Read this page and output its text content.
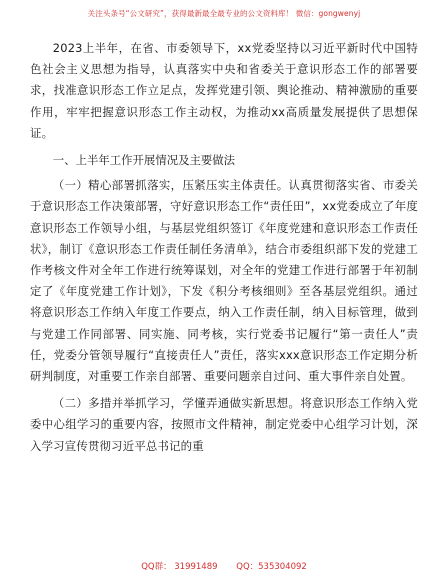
关注头条号“公文研究”，获得最新最全最专业的公文资料库！ 微信：gongwenyj

2023上半年，在省、市委领导下，xx党委坚持以习近平新时代中国特色社会主义思想为指导，认真落实中央和省委关于意识形态工作的部署要求，找准意识形态工作立足点，发挥党建引领、舆论推动、精神激励的重要作用，牢牢把握意识形态工作主动权，为推动xx高质量发展提供了思想保证。

一、上半年工作开展情况及主要做法

（一）精心部署抓落实，压紧压实主体责任。认真贯彻落实省、市委关于意识形态工作决策部署，守好意识形态工作“责任田”，xx党委成立了年度意识形态工作领导小组，与基层党组织签订《年度党建和意识形态工作责任状》，制订《意识形态工作责任制任务清单》，结合市委组织部下发的党建工作考核文件对全年工作进行统筹谋划，对全年的党建工作进行部署于年初制定了《年度党建工作计划》，下发《积分考核细则》至各基层党组织。通过将意识形态工作纳入年度工作要点，纳入工作责任制，纳入目标管理，做到与党建工作同部署、同实施、同考核，实行党委书记履行“第一责任人”责任，党委分管领导履行“直接责任人”责任，落实xxx意识形态工作定期分析研判制度，对重要工作亲自部署、重要问题亲自过问、重大事件亲自处置。

（二）多措并举抓学习，学懂弄通做实新思想。将意识形态工作纳入党委中心组学习的重要内容，按照市文件精神，制定党委中心组学习计划，深入学习宣传贯彻习近平总书记的重

QQ群： 31991489 QQ：535304092
